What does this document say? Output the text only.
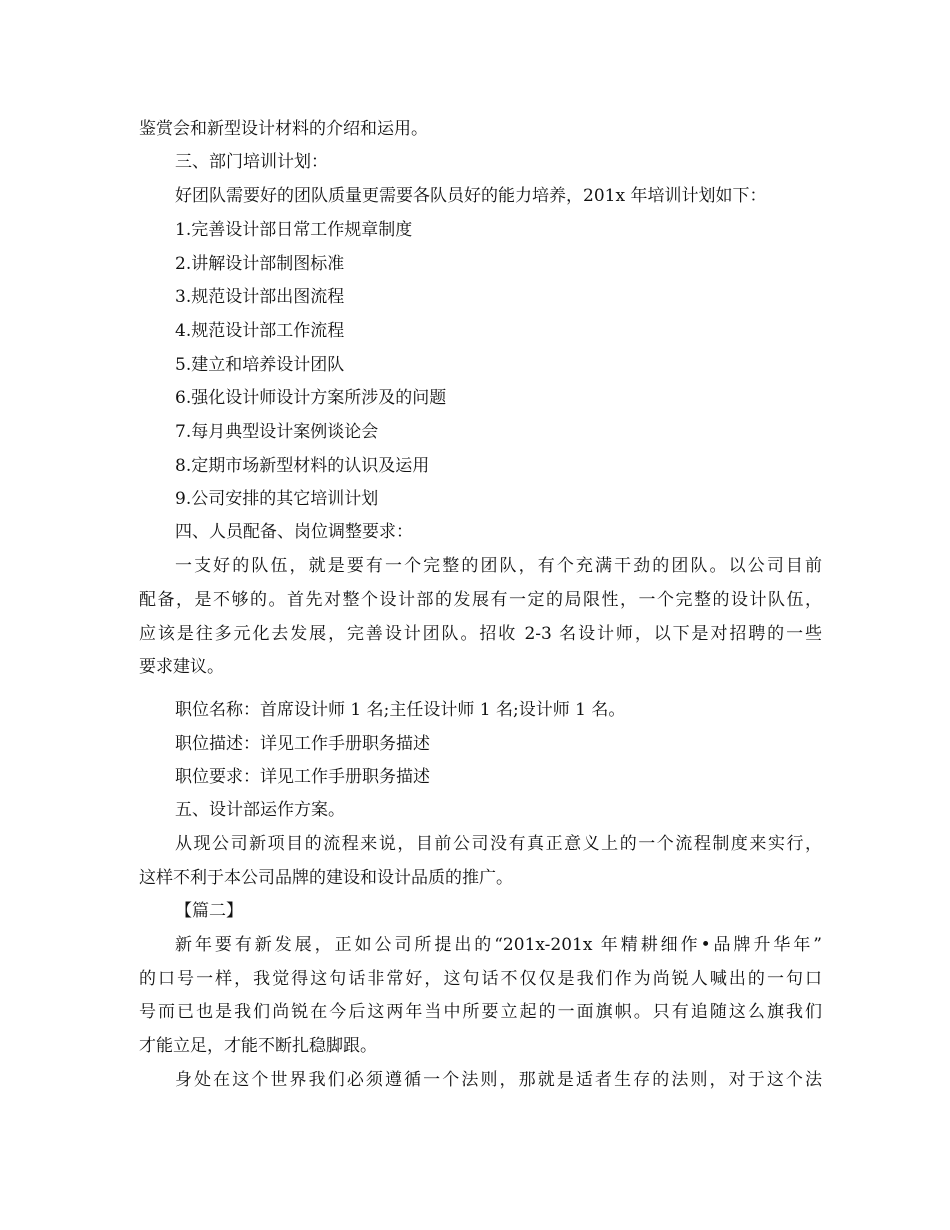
鉴赏会和新型设计材料的介绍和运用。
三、部门培训计划：
好团队需要好的团队质量更需要各队员好的能力培养，201x 年培训计划如下：
1.完善设计部日常工作规章制度
2.讲解设计部制图标准
3.规范设计部出图流程
4.规范设计部工作流程
5.建立和培养设计团队
6.强化设计师设计方案所涉及的问题
7.每月典型设计案例谈论会
8.定期市场新型材料的认识及运用
9.公司安排的其它培训计划
四、人员配备、岗位调整要求：
一支好的队伍，就是要有一个完整的团队，有个充满干劲的团队。以公司目前
配备，是不够的。首先对整个设计部的发展有一定的局限性，一个完整的设计队伍，
应该是往多元化去发展，完善设计团队。招收 2-3 名设计师，以下是对招聘的一些
要求建议。
职位名称：首席设计师 1 名;主任设计师 1 名;设计师 1 名。
职位描述：详见工作手册职务描述
职位要求：详见工作手册职务描述
五、设计部运作方案。
从现公司新项目的流程来说，目前公司没有真正意义上的一个流程制度来实行，
这样不利于本公司品牌的建设和设计品质的推广。
【篇二】
新年要有新发展，正如公司所提出的“201x-201x 年精耕细作•品牌升华年”
的口号一样，我觉得这句话非常好，这句话不仅仅是我们作为尚锐人喊出的一句口
号而已也是我们尚锐在今后这两年当中所要立起的一面旗帜。只有追随这么旗我们
才能立足，才能不断扎稳脚跟。
身处在这个世界我们必须遵循一个法则，那就是适者生存的法则，对于这个法
